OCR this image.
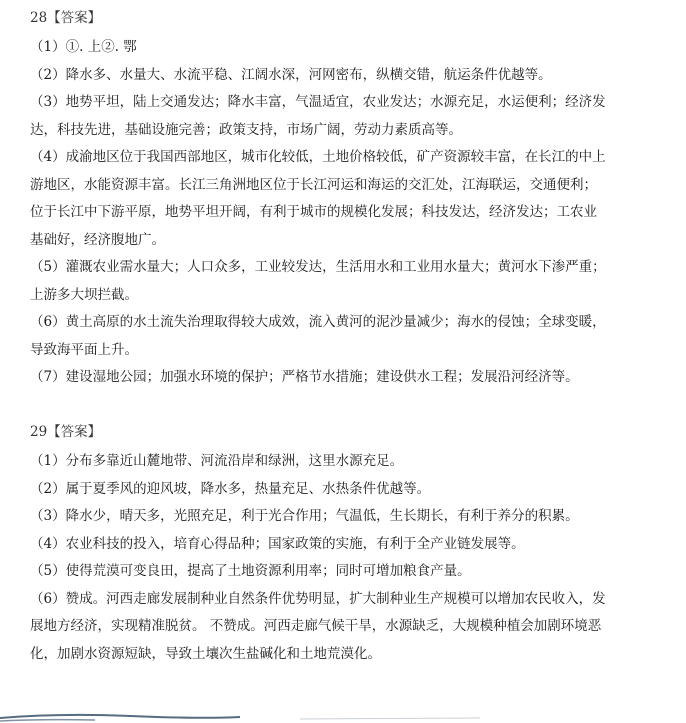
28【答案】
（1）①. 上②. 鄂
（2）降水多、水量大、水流平稳、江阔水深，河网密布，纵横交错，航运条件优越等。
（3）地势平坦，陆上交通发达；降水丰富，气温适宜，农业发达；水源充足，水运便利；经济发
达，科技先进，基础设施完善；政策支持，市场广阔，劳动力素质高等。
（4）成渝地区位于我国西部地区，城市化较低，土地价格较低，矿产资源较丰富，在长江的中上
游地区，水能资源丰富。长江三角洲地区位于长江河运和海运的交汇处，江海联运，交通便利；
位于长江中下游平原，地势平坦开阔，有利于城市的规模化发展；科技发达，经济发达；工农业
基础好，经济腹地广。
（5）灌溉农业需水量大；人口众多，工业较发达，生活用水和工业用水量大；黄河水下渗严重；
上游多大坝拦截。
（6）黄土高原的水土流失治理取得较大成效，流入黄河的泥沙量减少；海水的侵蚀；全球变暖，
导致海平面上升。
（7）建设湿地公园；加强水环境的保护；严格节水措施；建设供水工程；发展沿河经济等。
29【答案】
（1）分布多靠近山麓地带、河流沿岸和绿洲，这里水源充足。
（2）属于夏季风的迎风坡，降水多，热量充足、水热条件优越等。
（3）降水少，晴天多，光照充足，利于光合作用；气温低，生长期长，有利于养分的积累。
（4）农业科技的投入，培育心得品种；国家政策的实施，有利于全产业链发展等。
（5）使得荒漠可变良田，提高了土地资源利用率；同时可增加粮食产量。
（6）赞成。河西走廊发展制种业自然条件优势明显，扩大制种业生产规模可以增加农民收入，发
展地方经济，实现精准脱贫。 不赞成。河西走廊气候干旱，水源缺乏，大规模种植会加剧环境恶
化，加剧水资源短缺，导致土壤次生盐碱化和土地荒漠化。
